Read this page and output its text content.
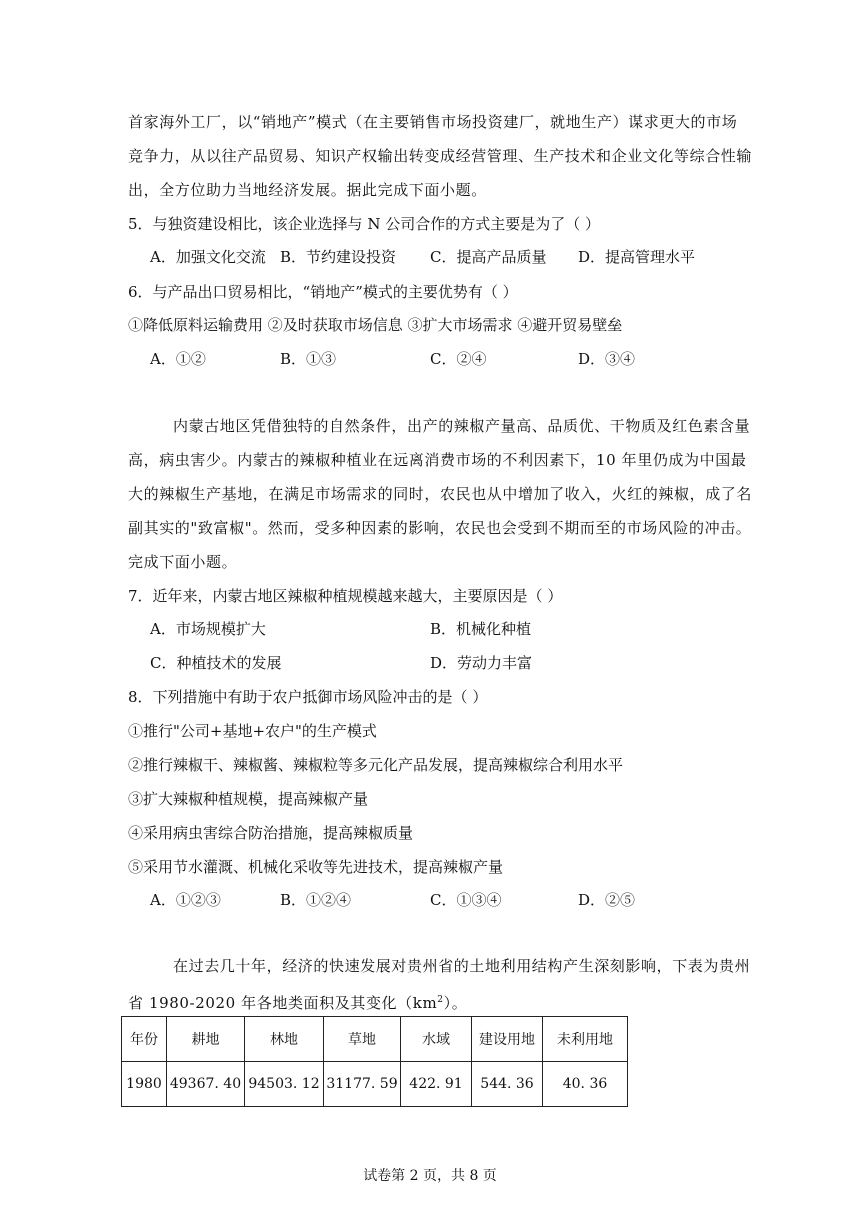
首家海外工厂，以“销地产”模式（在主要销售市场投资建厂，就地生产）谋求更大的市场
竞争力，从以往产品贸易、知识产权输出转变成经营管理、生产技术和企业文化等综合性输
出，全方位助力当地经济发展。据此完成下面小题。
5．与独资建设相比，该企业选择与 N 公司合作的方式主要是为了（ ）
A．加强文化交流 B．节约建设投资 C．提高产品质量 D．提高管理水平
6．与产品出口贸易相比，“销地产”模式的主要优势有（ ）
①降低原料运输费用 ②及时获取市场信息 ③扩大市场需求 ④避开贸易壁垒
A．①②	B．①③	C．②④	D．③④
内蒙古地区凭借独特的自然条件，出产的辣椒产量高、品质优、干物质及红色素含量
高，病虫害少。内蒙古的辣椒种植业在远离消费市场的不利因素下，10 年里仍成为中国最
大的辣椒生产基地，在满足市场需求的同时，农民也从中增加了收入，火红的辣椒，成了名
副其实的"致富椒"。然而，受多种因素的影响，农民也会受到不期而至的市场风险的冲击。
完成下面小题。
7．近年来，内蒙古地区辣椒种植规模越来越大，主要原因是（ ）
A．市场规模扩大	B．机械化种植
C．种植技术的发展	D．劳动力丰富
8．下列措施中有助于农户抵御市场风险冲击的是（ ）
①推行"公司+基地+农户"的生产模式
②推行辣椒干、辣椒酱、辣椒粒等多元化产品发展，提高辣椒综合利用水平
③扩大辣椒种植规模，提高辣椒产量
④采用病虫害综合防治措施，提高辣椒质量
⑤采用节水灌溉、机械化采收等先进技术，提高辣椒产量
A．①②③	B．①②④	C．①③④	D．②⑤
在过去几十年，经济的快速发展对贵州省的土地利用结构产生深刻影响，下表为贵州
省 1980-2020 年各地类面积及其变化$(km^2)$。
年份	耕地	林地	草地	水域	建设用地	未利用地
1980	49367. 40	94503. 12	31177. 59	422. 91	544. 36	40. 36
试卷第 2 页，共 8 页
